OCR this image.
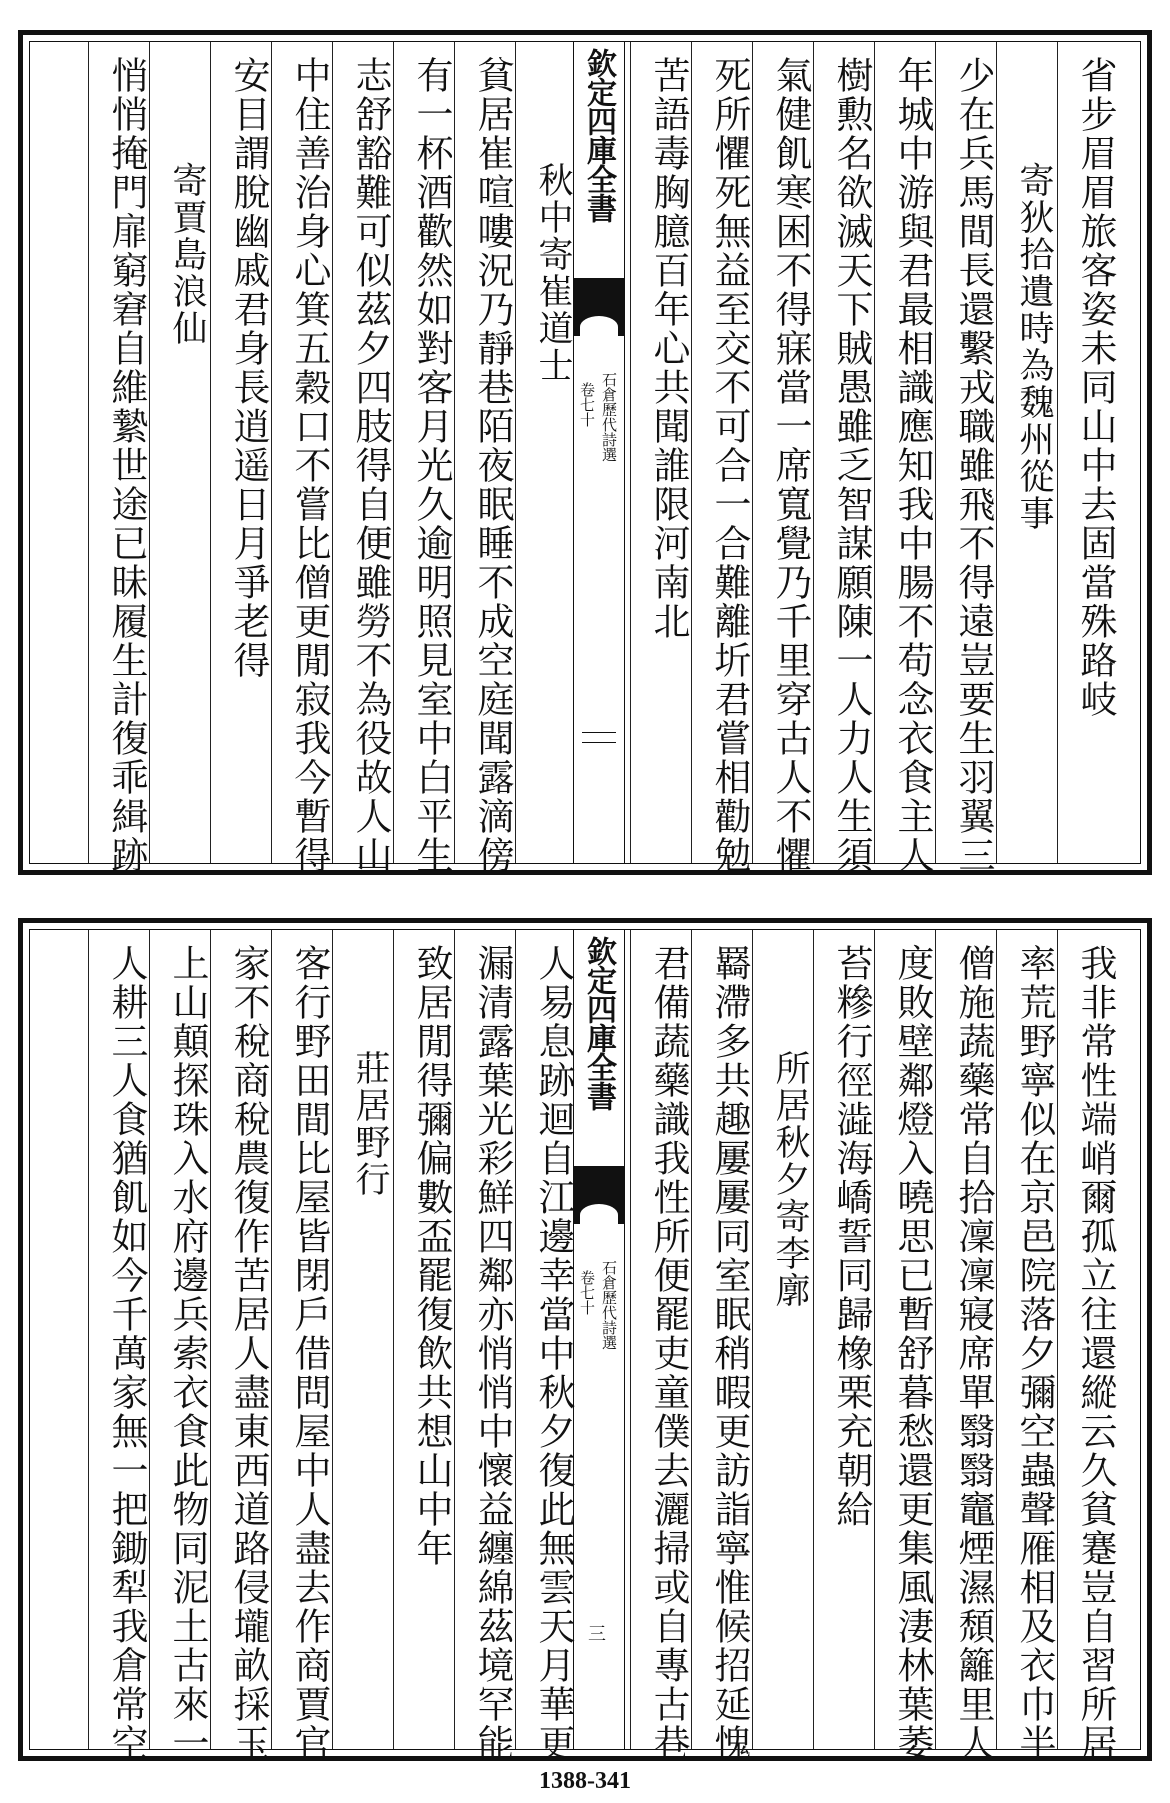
欽定四庫全書
石倉歷代詩選
卷七十	省步眉眉旅客姿未同山中去固當殊路岐
寄狄拾遺時為魏州從事
少在兵馬間長還繫戎職雖飛不得遠豈要生羽翼三
年城中游與君最相識應知我中腸不苟念衣食主人
樹勲名欲滅天下賊愚雖乏智謀願陳一人力人生須
氣健飢寒困不得寐當一席寬覺乃千里穿古人不懼
死所懼死無益至交不可合一合難離圻君嘗相勸勉
苦語毒胸臆百年心共聞誰限河南北
秋中寄崔道士
貧居崔喧嘍況乃靜巷陌夜眠睡不成空庭聞露滴傍
有一杯酒歡然如對客月光久逾明照見室中白平生
志舒豁難可似茲夕四肢得自便雖勞不為役故人山
中住善治身心箕五穀口不嘗比僧更閒寂我今暫得
安目謂脫幽戚君身長逍遥日月爭老得
寄賈島浪仙
悄悄掩門扉窮窘自維縶世途已昧履生計復乖緝跡
欽定四庫全書
石倉歷代詩選
卷七十
三	我非常性端峭爾孤立往還縱云久貧蹇豈自習所居
率荒野寧似在京邑院落夕彌空蟲聲雁相及衣巾半
僧施蔬藥常自拾凜凜寢席單翳翳竈煙濕頹籬里人
度敗壁鄰燈入曉思已暫舒暮愁還更集風淒林葉萎
苔糝行徑澁海嶠誓同歸橡栗充朝給
所居秋夕寄李廓
羇滯多共趣屢屢同室眠稍暇更訪詣寧惟候招延愧
君備蔬藥識我性所便罷吏童僕去灑掃或自專古巷
人易息跡迴自江邊幸當中秋夕復此無雲天月華更
漏清露葉光彩鮮四鄰亦悄悄中懷益纏綿茲境罕能
致居閒得彌偏數盃罷復飲共想山中年
莊居野行
客行野田間比屋皆閉戶借問屋中人盡去作商賈官
家不稅商稅農復作苦居人盡東西道路侵壠畝採玉
上山顛探珠入水府邊兵索衣食此物同泥土古來一
人耕三人食猶飢如今千萬家無一把鋤犁我倉常空
1388-341
